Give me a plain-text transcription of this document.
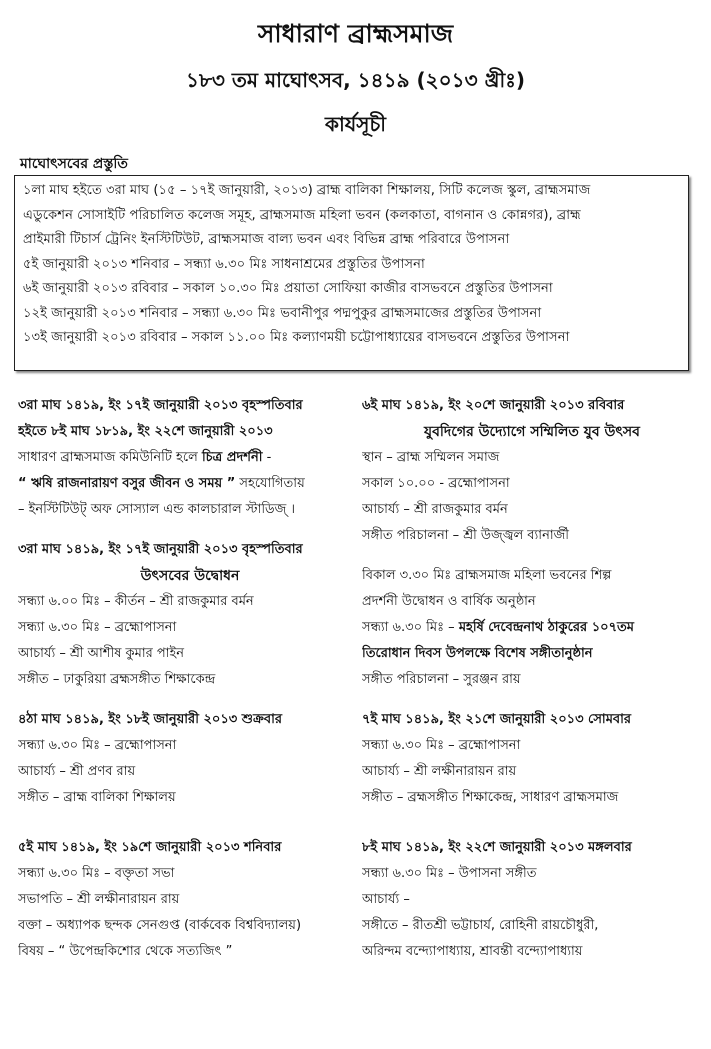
সাধারাণ ব্রাহ্মসমাজ
১৮৩ তম মাঘোৎসব, ১৪১৯ (২০১৩ খ্রীঃ)
কার্যসূচী
মাঘোৎসবের প্রস্তুতি
১লা মাঘ হইতে ৩রা মাঘ (১৫ – ১৭ই জানুয়ারী, ২০১৩) ব্রাহ্ম বালিকা শিক্ষালয়, সিটি কলেজ স্কুল, ব্রাহ্মসমাজ
এডুকেশন সোসাইটি পরিচালিত কলেজ সমূহ, ব্রাহ্মসমাজ মহিলা ভবন (কলকাতা, বাগনান ও কোন্নগর), ব্রাহ্ম
প্রাইমারী টিচার্স ট্রেনিং ইনস্টিটিউট, ব্রাহ্মসমাজ বাল্য ভবন এবং বিভিন্ন ব্রাহ্ম পরিবারে উপাসনা
৫ই জানুয়ারী ২০১৩ শনিবার – সন্ধ্যা ৬.৩০ মিঃ সাধনাশ্রমের প্রস্তুতির উপাসনা
৬ই জানুয়ারী ২০১৩ রবিবার – সকাল ১০.৩০ মিঃ প্রয়াতা সোফিয়া কাজীর বাসভবনে প্রস্তুতির উপাসনা
১২ই জানুয়ারী ২০১৩ শনিবার – সন্ধ্যা ৬.৩০ মিঃ ভবানীপুর পদ্মপুকুর ব্রাহ্মসমাজের প্রস্তুতির উপাসনা
১৩ই জানুয়ারী ২০১৩ রবিবার – সকাল ১১.০০ মিঃ কল্যাণময়ী চট্টোপাধ্যায়ের বাসভবনে প্রস্তুতির উপাসনা
৩রা মাঘ ১৪১৯, ইং ১৭ই জানুয়ারী ২০১৩ বৃহস্পতিবার
হইতে ৮ই মাঘ ১৮১৯, ইং ২২শে জানুয়ারী ২০১৩
সাধারণ ব্রাহ্মসমাজ কমিউনিটি হলে চিত্র প্রদর্শনী -
“ ঋষি রাজনারায়ণ বসুর জীবন ও সময় ” সহযোগিতায়
– ইনস্টিটিউট্‌ অফ সোস্যাল এন্ড কালচারাল স্টাডিজ্‌ ।
৩রা মাঘ ১৪১৯, ইং ১৭ই জানুয়ারী ২০১৩ বৃহস্পতিবার
উৎসবের উদ্বোধন
সন্ধ্যা ৬.০০ মিঃ – কীর্তন – শ্রী রাজকুমার বর্মন
সন্ধ্যা ৬.৩০ মিঃ – ব্রহ্মোপাসনা
আচার্য্য – শ্রী আশীষ কুমার পাইন
সঙ্গীত – ঢাকুরিয়া ব্রহ্মসঙ্গীত শিক্ষাকেন্দ্র
৪ঠা মাঘ ১৪১৯, ইং ১৮ই জানুয়ারী ২০১৩ শুক্রবার
সন্ধ্যা ৬.৩০ মিঃ – ব্রহ্মোপাসনা
আচার্য্য – শ্রী প্রণব রায়
সঙ্গীত – ব্রাহ্ম বালিকা শিক্ষালয়
৫ই মাঘ ১৪১৯, ইং ১৯শে জানুয়ারী ২০১৩ শনিবার
সন্ধ্যা ৬.৩০ মিঃ – বক্তৃতা সভা
সভাপতি – শ্রী লক্ষীনারায়ন রায়
বক্তা – অধ্যাপক ছন্দক সেনগুপ্ত (বার্কবেক বিশ্ববিদ্যালয়)
বিষয় – “ উপেন্দ্রকিশোর থেকে সত্যজিৎ ”
৬ই মাঘ ১৪১৯, ইং ২০শে জানুয়ারী ২০১৩ রবিবার
যুবদিগের উদ্যোগে সম্মিলিত যুব উৎসব
স্থান – ব্রাহ্ম সম্মিলন সমাজ
সকাল ১০.০০ - ব্রহ্মোপাসনা
আচার্য্য – শ্রী রাজকুমার বর্মন
সঙ্গীত পরিচালনা – শ্রী উজ্জ্বল ব্যানার্জী
বিকাল ৩.৩০ মিঃ ব্রাহ্মসমাজ মহিলা ভবনের শিল্প
প্রদর্শনী উদ্বোধন ও বার্ষিক অনুষ্ঠান
সন্ধ্যা ৬.৩০ মিঃ – মহর্ষি দেবেন্দ্রনাথ ঠাকুরের ১০৭তম
তিরোধান দিবস উপলক্ষে বিশেষ সঙ্গীতানুষ্ঠান
সঙ্গীত পরিচালনা – সুরঞ্জন রায়
৭ই মাঘ ১৪১৯, ইং ২১শে জানুয়ারী ২০১৩ সোমবার
সন্ধ্যা ৬.৩০ মিঃ – ব্রহ্মোপাসনা
আচার্য্য – শ্রী লক্ষীনারায়ন রায়
সঙ্গীত – ব্রহ্মসঙ্গীত শিক্ষাকেন্দ্র, সাধারণ ব্রাহ্মসমাজ
৮ই মাঘ ১৪১৯, ইং ২২শে জানুয়ারী ২০১৩ মঙ্গলবার
সন্ধ্যা ৬.৩০ মিঃ – উপাসনা সঙ্গীত
আচার্য্য –
সঙ্গীতে – রীতশ্রী ভট্টাচার্য, রোহিনী রায়চৌধুরী,
অরিন্দম বন্দ্যোপাধ্যায়, শ্রাবন্তী বন্দ্যোপাধ্যায়
